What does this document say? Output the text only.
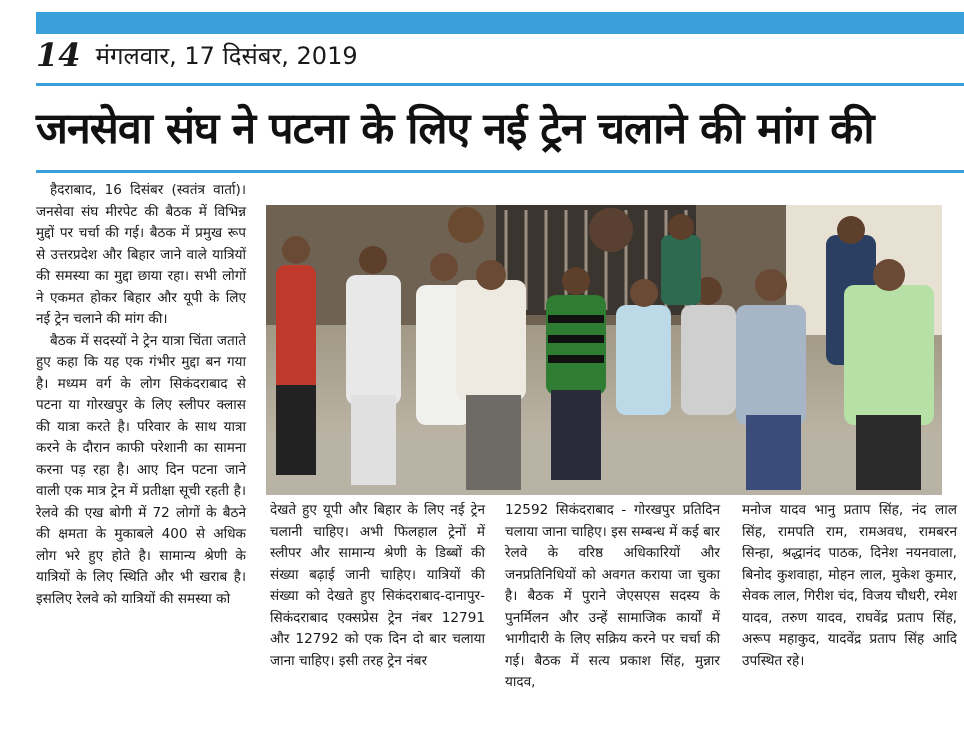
14 मंगलवार, 17 दिसंबर, 2019
जनसेवा संघ ने पटना के लिए नई ट्रेन चलाने की मांग की

हैदराबाद, 16 दिसंबर (स्वतंत्र वार्ता)। जनसेवा संघ मीरपेट की बैठक में विभिन्न मुद्दों पर चर्चा की गई। बैठक में प्रमुख रूप से उत्तरप्रदेश और बिहार जाने वाले यात्रियों की समस्या का मुद्दा छाया रहा। सभी लोगों ने एकमत होकर बिहार और यूपी के लिए नई ट्रेन चलाने की मांग की।

बैठक में सदस्यों ने ट्रेन यात्रा चिंता जताते हुए कहा कि यह एक गंभीर मुद्दा बन गया है। मध्यम वर्ग के लोग सिकंदराबाद से पटना या गोरखपुर के लिए स्लीपर क्लास की यात्रा करते है। परिवार के साथ यात्रा करने के दौरान काफी परेशानी का सामना करना पड़ रहा है। आए दिन पटना जाने वाली एक मात्र ट्रेन में प्रतीक्षा सूची रहती है। रेलवे की एख बोगी में 72 लोगों के बैठने की क्षमता के मुकाबले 400 से अधिक लोग भरे हुए होते है। सामान्य श्रेणी के यात्रियों के लिए स्थिति और भी खराब है। इसलिए रेलवे को यात्रियों की समस्या को

देखते हुए यूपी और बिहार के लिए नई ट्रेन चलानी चाहिए। अभी फिलहाल ट्रेनों में स्लीपर और सामान्य श्रेणी के डिब्बों की संख्या बढ़ाई जानी चाहिए। यात्रियों की संख्या को देखते हुए सिकंदराबाद-दानापुर-सिकंदराबाद एक्सप्रेस ट्रेन नंबर 12791 और 12792 को एक दिन दो बार चलाया जाना चाहिए। इसी तरह ट्रेन नंबर

12592 सिकंदराबाद - गोरखपुर प्रतिदिन चलाया जाना चाहिए। इस सम्बन्ध में कई बार रेलवे के वरिष्ठ अधिकारियों और जनप्रतिनिधियों को अवगत कराया जा चुका है। बैठक में पुराने जेएसएस सदस्य के पुनर्मिलन और उन्हें सामाजिक कार्यों में भागीदारी के लिए सक्रिय करने पर चर्चा की गई। बैठक में सत्य प्रकाश सिंह, मुन्नार यादव,

मनोज यादव भानु प्रताप सिंह, नंद लाल सिंह, रामपति राम, रामअवध, रामबरन सिन्हा, श्रद्धानंद पाठक, दिनेश नयनवाला, बिनोद कुशवाहा, मोहन लाल, मुकेश कुमार, सेवक लाल, गिरीश चंद, विजय चौधरी, रमेश यादव, तरुण यादव, राघवेंद्र प्रताप सिंह, अरूप महाकुद, यादवेंद्र प्रताप सिंह आदि उपस्थित रहे।
